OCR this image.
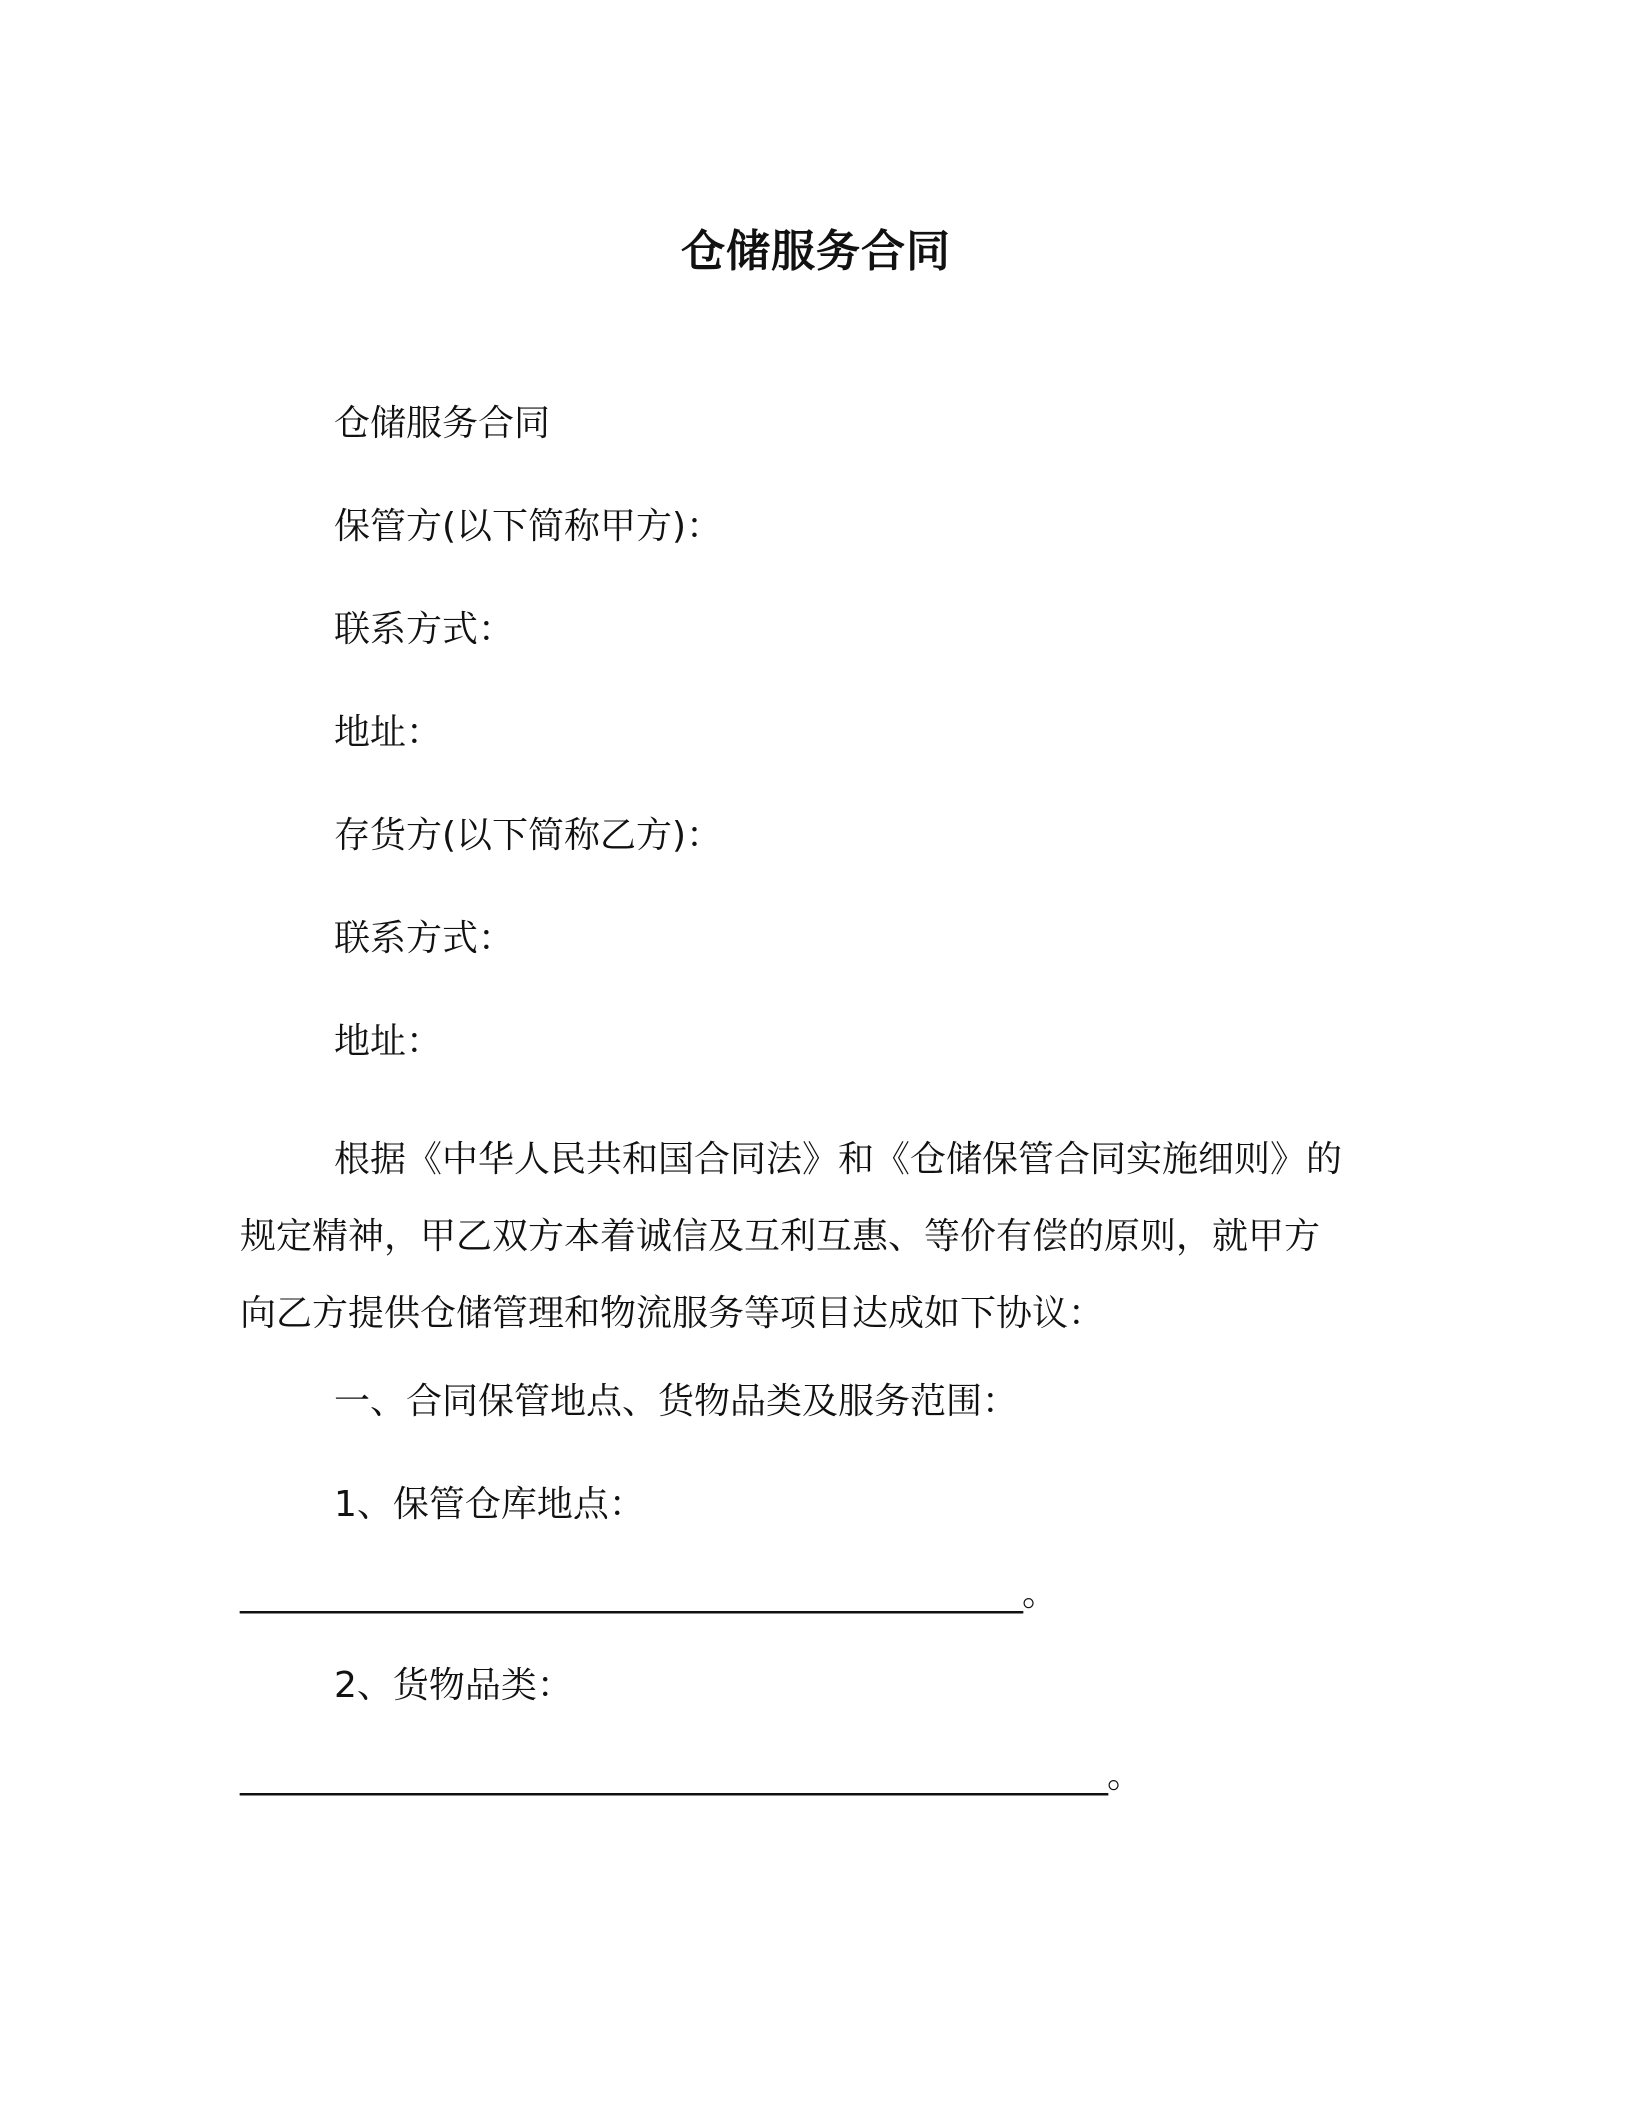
仓储服务合同
仓储服务合同
保管方(以下简称甲方)：
联系方式：
地址：
存货方(以下简称乙方)：
联系方式：
地址：
根据《中华人民共和国合同法》和《仓储保管合同实施细则》的
规定精神，甲乙双方本着诚信及互利互惠、等价有偿的原则，就甲方
向乙方提供仓储管理和物流服务等项目达成如下协议：
一、合同保管地点、货物品类及服务范围：
1、保管仓库地点：
______________________________________________。
2、货物品类：
___________________________________________________。
